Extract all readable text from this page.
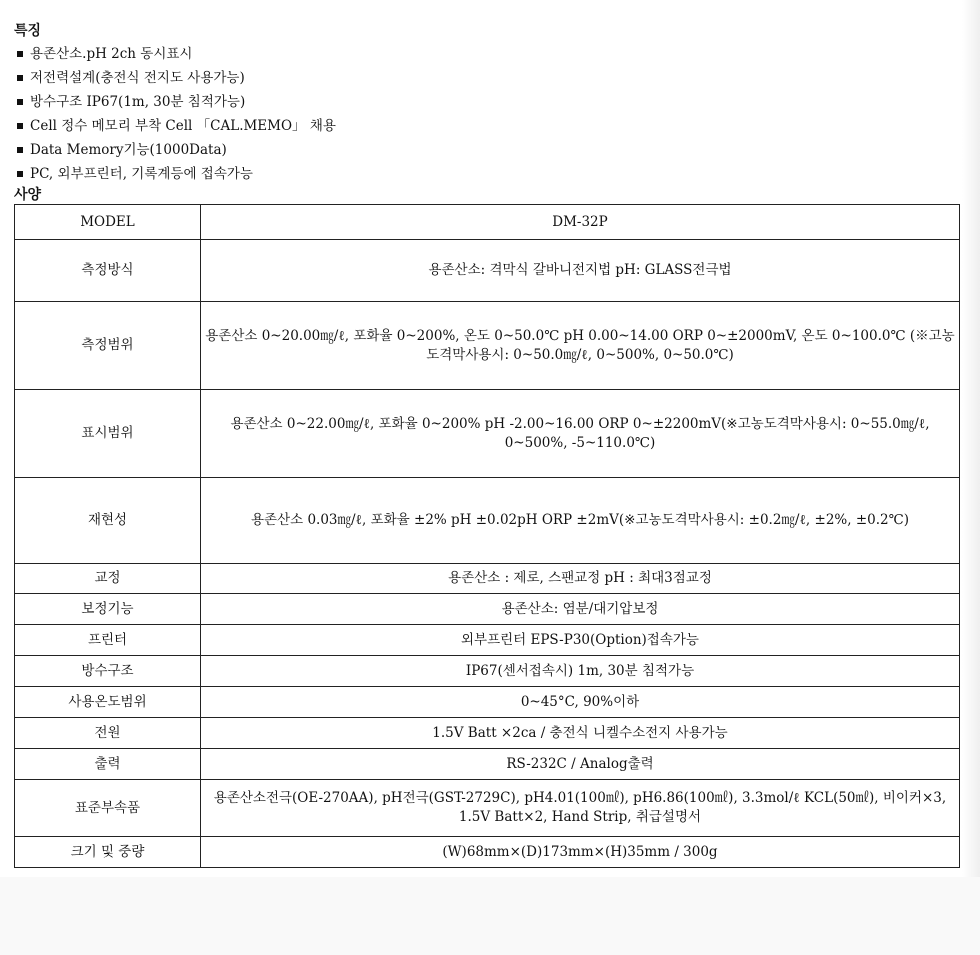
특징
용존산소.pH 2ch 동시표시
저전력설계(충전식 전지도 사용가능)
방수구조 IP67(1m, 30분 침적가능)
Cell 정수 메모리 부착 Cell 「CAL.MEMO」 채용
Data Memory기능(1000Data)
PC, 외부프린터, 기록계등에 접속가능
사양
MODEL	DM-32P
측정방식	용존산소: 격막식 갈바니전지법 pH: GLASS전극법
측정범위	용존산소 0~20.00㎎/ℓ, 포화율 0~200%, 온도 0~50.0℃ pH 0.00~14.00 ORP 0~±2000mV, 온도 0~100.0℃ (※고농도격막사용시: 0~50.0㎎/ℓ, 0~500%, 0~50.0℃)
표시범위	용존산소 0~22.00㎎/ℓ, 포화율 0~200% pH -2.00~16.00 ORP 0~±2200mV(※고농도격막사용시: 0~55.0㎎/ℓ, 0~500%, -5~110.0℃)
재현성	용존산소 0.03㎎/ℓ, 포화율 ±2% pH ±0.02pH ORP ±2mV(※고농도격막사용시: ±0.2㎎/ℓ, ±2%, ±0.2℃)
교정	용존산소 : 제로, 스팬교정 pH : 최대3점교정
보정기능	용존산소: 염분/대기압보정
프린터	외부프린터 EPS-P30(Option)접속가능
방수구조	IP67(센서접속시) 1m, 30분 침적가능
사용온도범위	0~45°C, 90%이하
전원	1.5V Batt ×2ca / 충전식 니켈수소전지 사용가능
출력	RS-232C / Analog출력
표준부속품	용존산소전극(OE-270AA), pH전극(GST-2729C), pH4.01(100㎖), pH6.86(100㎖), 3.3mol/ℓ KCL(50㎖), 비이커×3, 1.5V Batt×2, Hand Strip, 취급설명서
크기 및 중량	(W)68mm×(D)173mm×(H)35mm / 300g
